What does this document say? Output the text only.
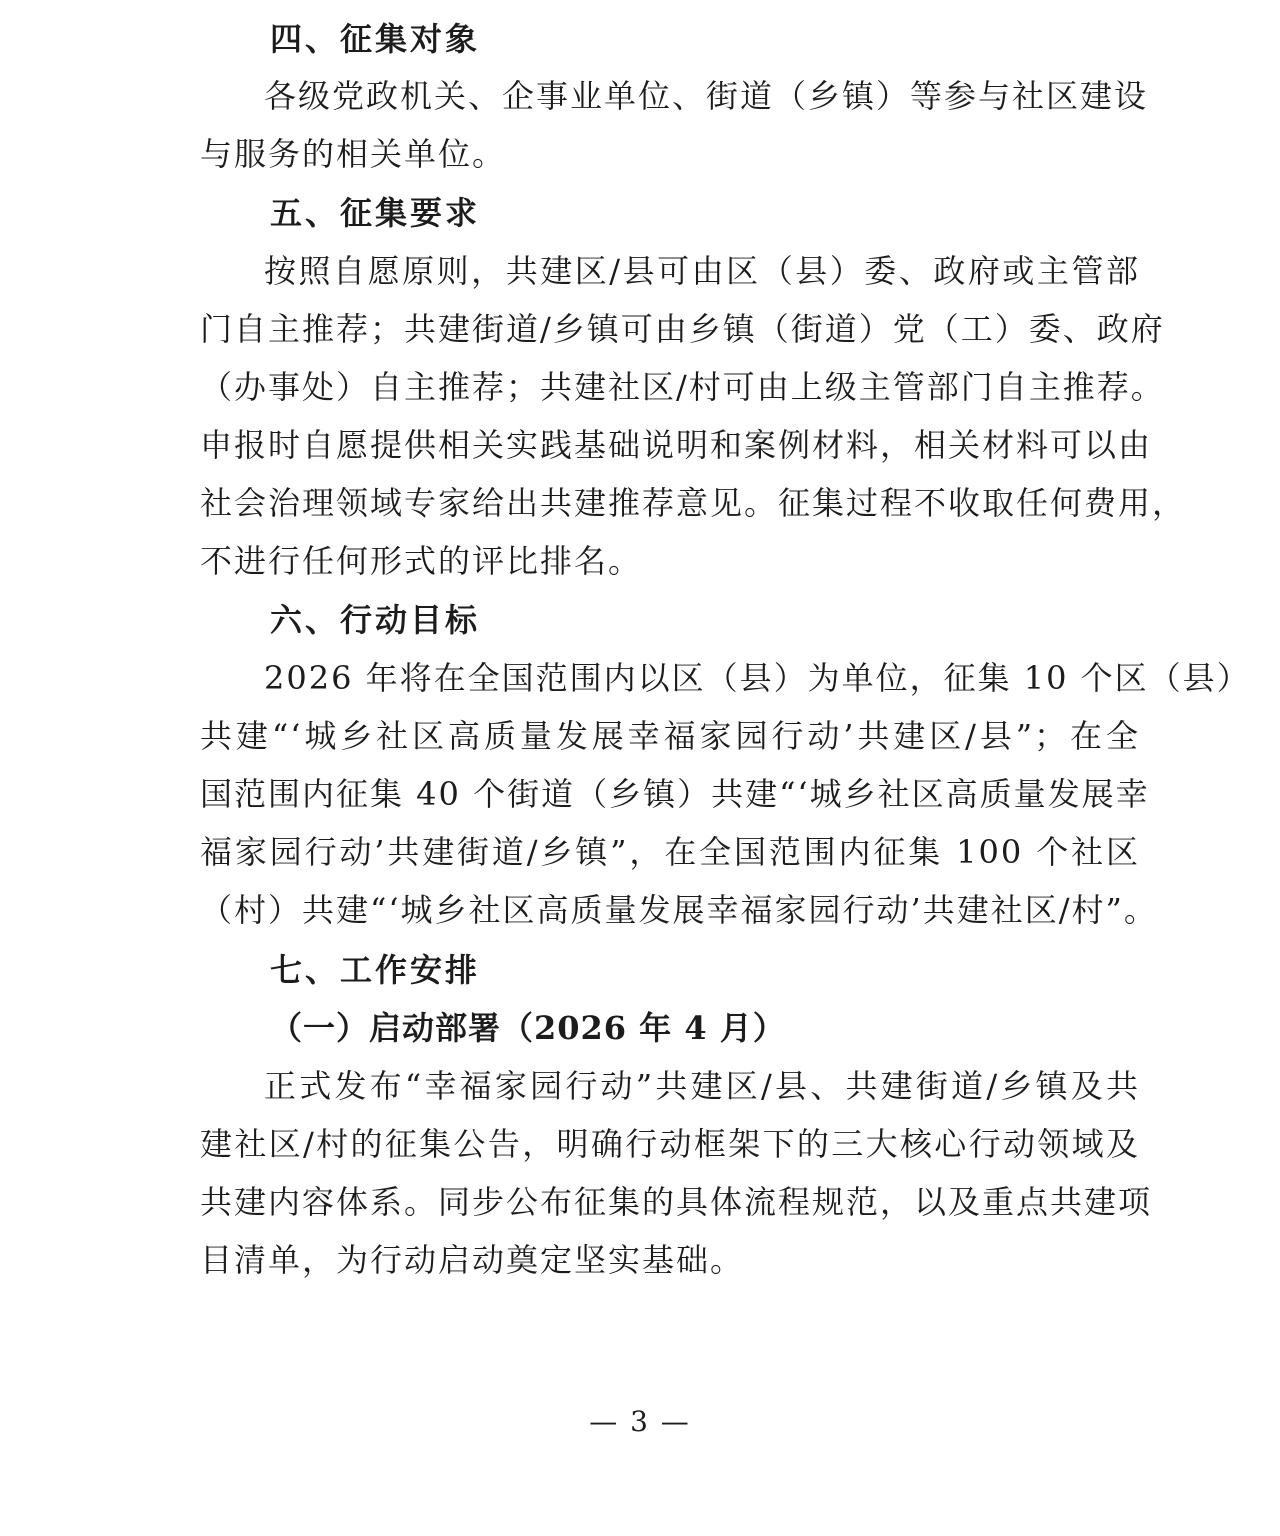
四、征集对象
各级党政机关、企事业单位、街道（乡镇）等参与社区建设
与服务的相关单位。
五、征集要求
按照自愿原则，共建区/县可由区（县）委、政府或主管部
门自主推荐；共建街道/乡镇可由乡镇（街道）党（工）委、政府
（办事处）自主推荐；共建社区/村可由上级主管部门自主推荐。
申报时自愿提供相关实践基础说明和案例材料，相关材料可以由
社会治理领域专家给出共建推荐意见。征集过程不收取任何费用，
不进行任何形式的评比排名。
六、行动目标
2026 年将在全国范围内以区（县）为单位，征集 10 个区（县）
共建“‘城乡社区高质量发展幸福家园行动’共建区/县”；在全
国范围内征集 40 个街道（乡镇）共建“‘城乡社区高质量发展幸
福家园行动’共建街道/乡镇”，在全国范围内征集 100 个社区
（村）共建“‘城乡社区高质量发展幸福家园行动’共建社区/村”。
七、工作安排
（一）启动部署（2026 年 4 月）
正式发布“幸福家园行动”共建区/县、共建街道/乡镇及共
建社区/村的征集公告，明确行动框架下的三大核心行动领域及
共建内容体系。同步公布征集的具体流程规范，以及重点共建项
目清单，为行动启动奠定坚实基础。
— 3 —
